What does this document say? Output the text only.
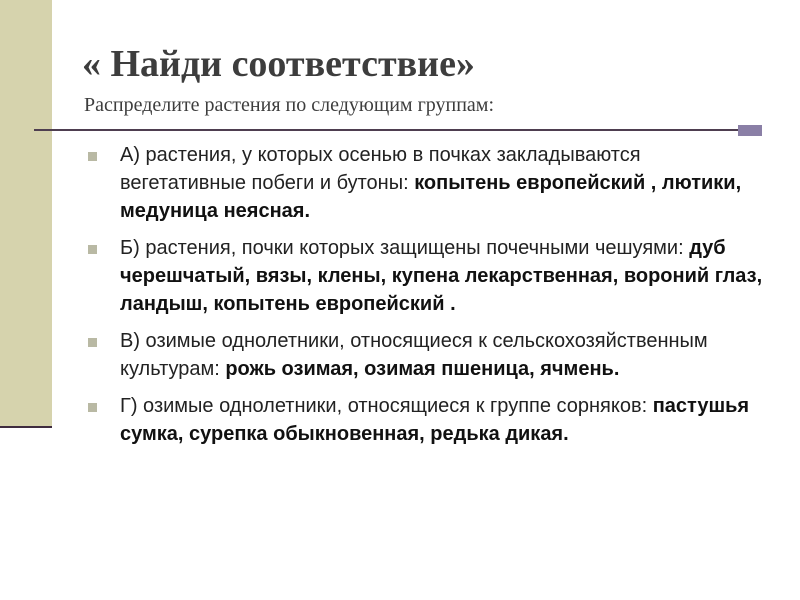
« Найди соответствие»
Распределите растения по следующим группам:
А) растения, у которых осенью в почках закладываются вегетативные побеги и бутоны: копытень европейский , лютики, медуница неясная.
Б) растения, почки которых защищены почечными чешуями: дуб черешчатый, вязы, клены, купена лекарственная, вороний глаз, ландыш, копытень европейский .
В) озимые однолетники, относящиеся к сельскохозяйственным культурам: рожь озимая, озимая пшеница, ячмень.
Г) озимые однолетники, относящиеся к группе сорняков: пастушья сумка, сурепка обыкновенная, редька дикая.
